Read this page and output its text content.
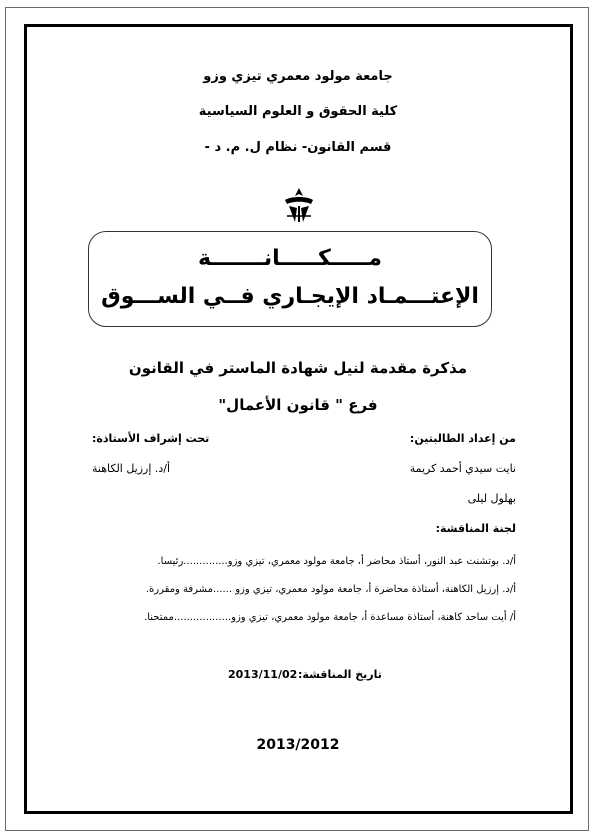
جامعة مولود معمري تيزي وزو
كلية الحقوق و العلوم السياسية
قسم القانون- نظام ل. م. د -
مـــــكـــــانـــــــة
الإعتـــمـاد الإيجـاري فــي الســـوق
مذكرة مقدمة لنيل شهادة الماستر في القانون
فرع " قانون الأعمال"
من إعداد الطالبتين:
تحت إشراف الأستاذة:
نايت سيدي أحمد كريمة
أ/د. إرزيل الكاهنة
بهلول ليلى
لجنة المناقشة:
أ/د. بوتشنت عبد النور، أستاذ محاضر أ، جامعة مولود معمري، تيزي وزو..............رئيسا.
أ/د. إرزيل الكاهنة، أستاذة محاضرة أ، جامعة مولود معمري، تيزي وزو ......مشرفة ومقررة.
أ/ أيت ساحد كاهنة، أستاذة مساعدة أ، جامعة مولود معمري، تيزي وزو..................ممتحنا.
2013/11/02 تاريخ المناقشة:
2013/2012
